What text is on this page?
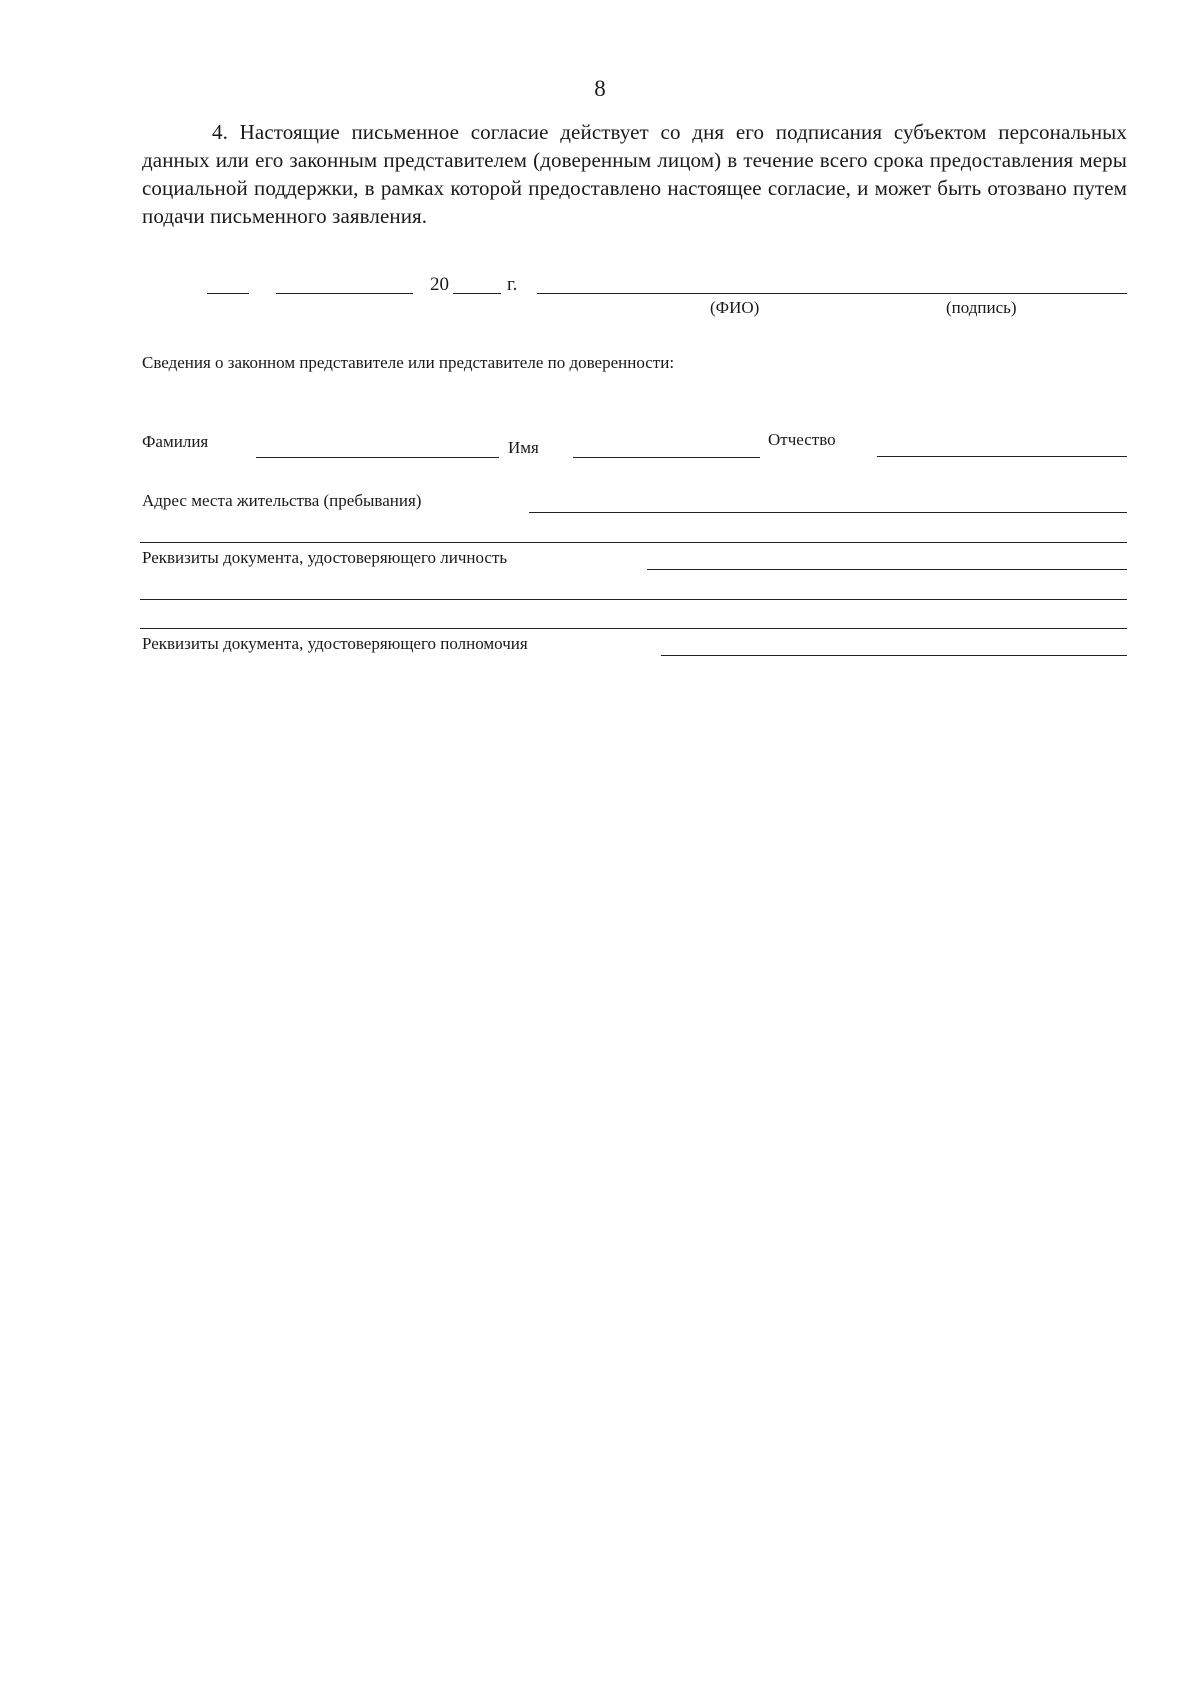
8
4. Настоящие письменное согласие действует со дня его подписания субъектом персональных данных или его законным представителем (доверенным лицом) в течение всего срока предоставления меры социальной поддержки, в рамках которой предоставлено настоящее согласие, и может быть отозвано путем подачи письменного заявления.
20	г.
(ФИО)	(подпись)
Сведения о законном представителе или представителе по доверенности:
Фамилия	Имя	Отчество
Адрес места жительства (пребывания)
Реквизиты документа, удостоверяющего личность
Реквизиты документа, удостоверяющего полномочия
